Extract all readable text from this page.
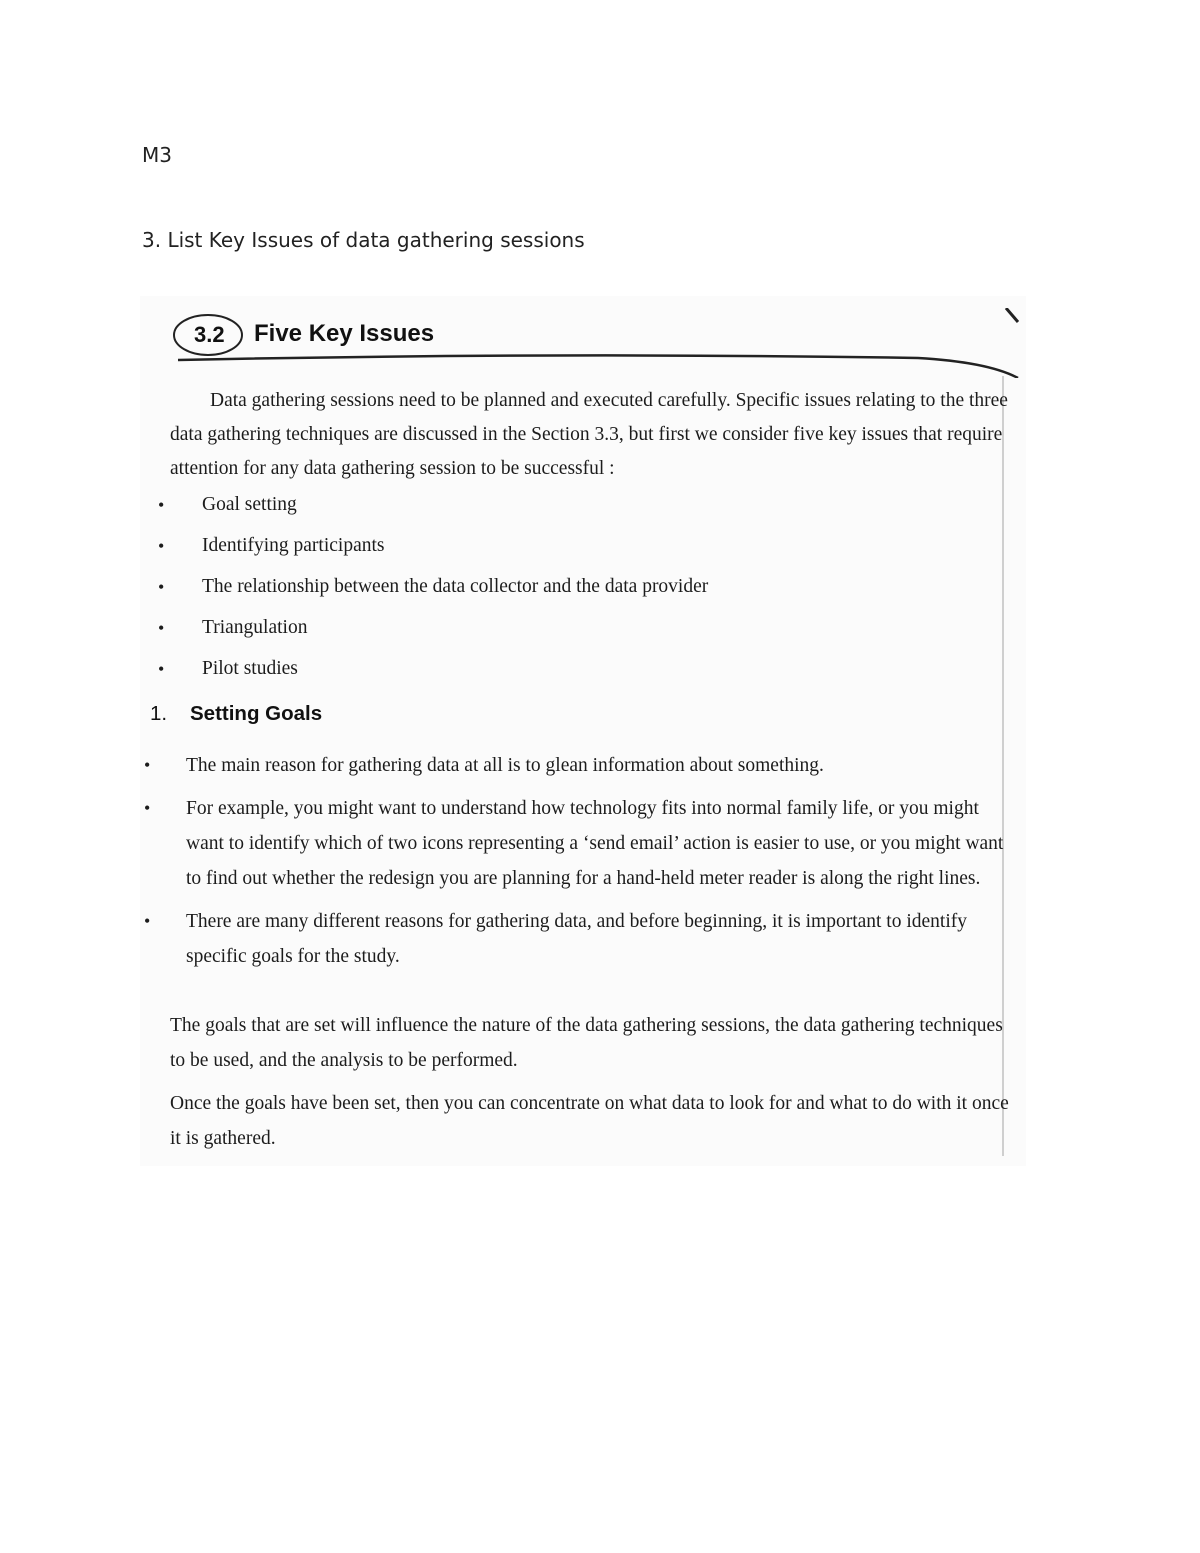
M3
3. List Key Issues of data gathering sessions
3.2 Five Key Issues
Data gathering sessions need to be planned and executed carefully. Specific issues relating to the three data gathering techniques are discussed in the Section 3.3, but first we consider five key issues that require attention for any data gathering session to be successful :
• Goal setting
• Identifying participants
• The relationship between the data collector and the data provider
• Triangulation
• Pilot studies
1. Setting Goals
• The main reason for gathering data at all is to glean information about something.
• For example, you might want to understand how technology fits into normal family life, or you might want to identify which of two icons representing a ‘send email’ action is easier to use, or you might want to find out whether the redesign you are planning for a hand-held meter reader is along the right lines.
• There are many different reasons for gathering data, and before beginning, it is important to identify specific goals for the study.

The goals that are set will influence the nature of the data gathering sessions, the data gathering techniques to be used, and the analysis to be performed.

Once the goals have been set, then you can concentrate on what data to look for and what to do with it once it is gathered.
